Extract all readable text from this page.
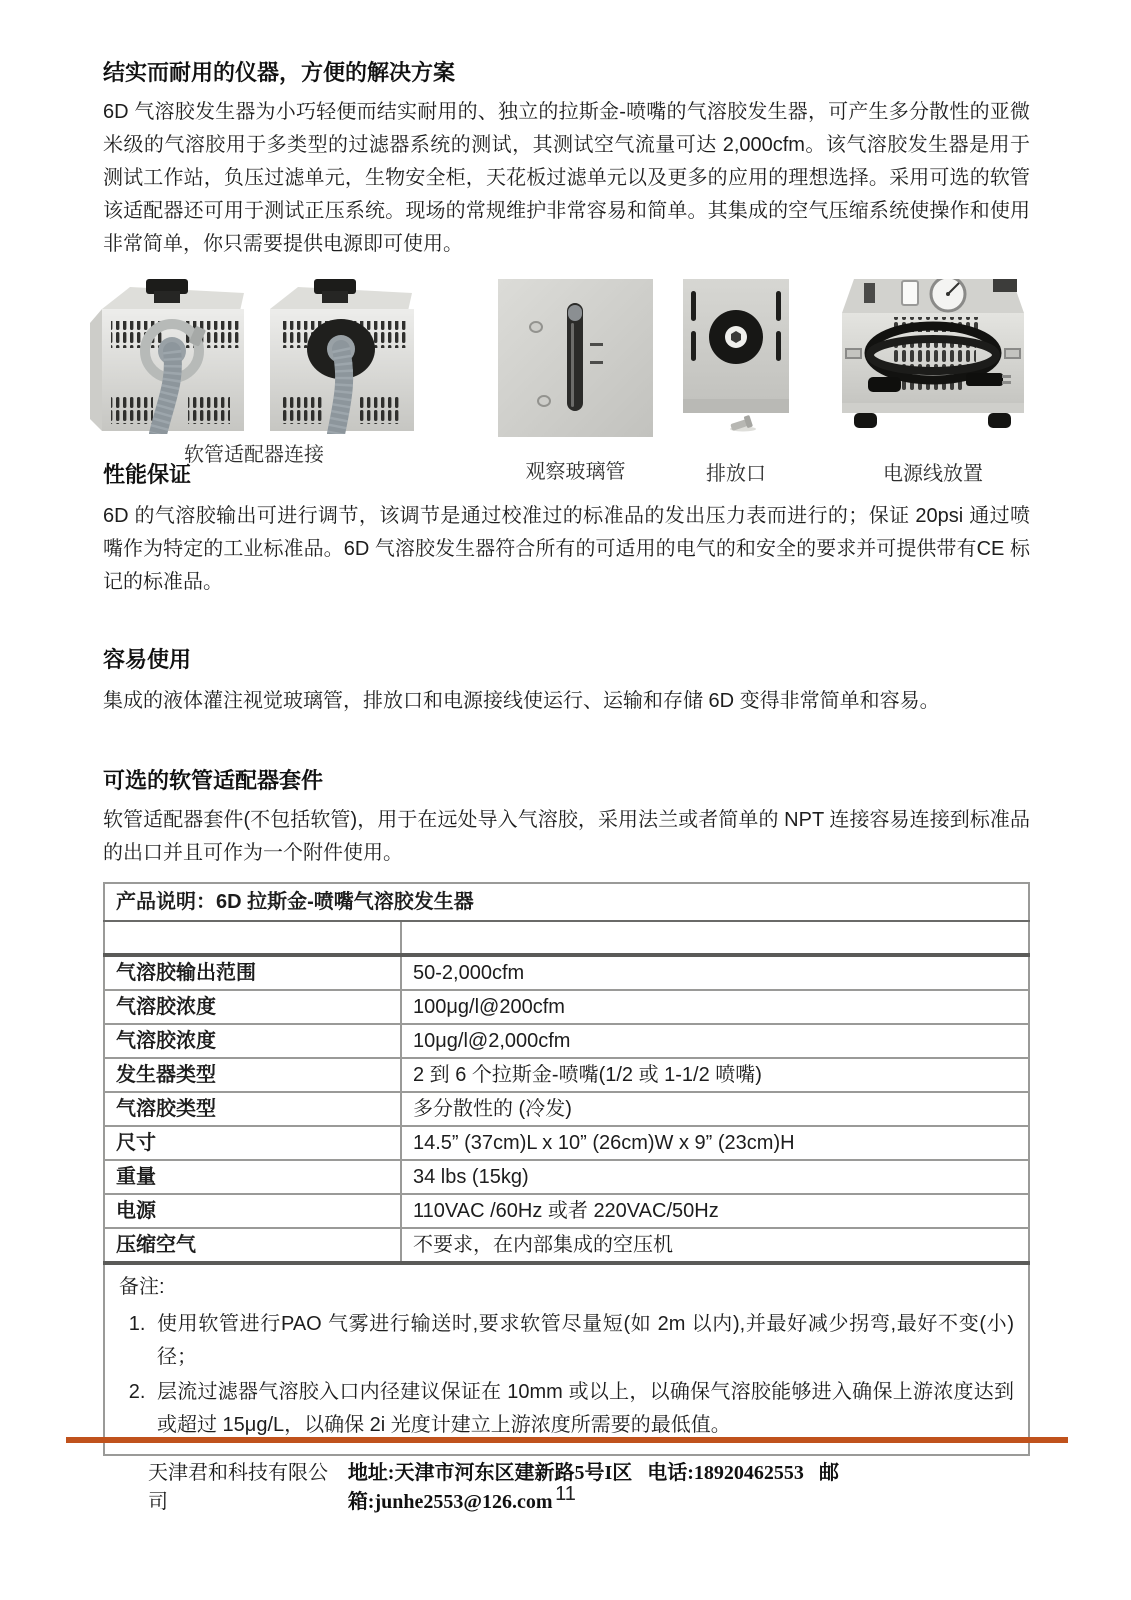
结实而耐用的仪器，方便的解决方案

6D 气溶胶发生器为小巧轻便而结实耐用的、独立的拉斯金-喷嘴的气溶胶发生器，可产生多分散性的亚微米级的气溶胶用于多类型的过滤器系统的测试，其测试空气流量可达 2,000cfm。该气溶胶发生器是用于测试工作站，负压过滤单元，生物安全柜，天花板过滤单元以及更多的应用的理想选择。采用可选的软管该适配器还可用于测试正压系统。现场的常规维护非常容易和简单。其集成的空气压缩系统使操作和使用非常简单，你只需要提供电源即可使用。

软管适配器连接
观察玻璃管	排放口	电源线放置
性能保证

6D 的气溶胶输出可进行调节，该调节是通过校准过的标准品的发出压力表而进行的；保证 20psi 通过喷嘴作为特定的工业标准品。6D 气溶胶发生器符合所有的可适用的电气的和安全的要求并可提供带有CE 标记的标准品。

容易使用

集成的液体灌注视觉玻璃管，排放口和电源接线使运行、运输和存储 6D 变得非常简单和容易。

可选的软管适配器套件

软管适配器套件(不包括软管)，用于在远处导入气溶胶，采用法兰或者简单的 NPT 连接容易连接到标准品的出口并且可作为一个附件使用。

产品说明：6D 拉斯金-喷嘴气溶胶发生器	

气溶胶输出范围	50-2,000cfm
气溶胶浓度	100μg/l@200cfm
气溶胶浓度	10μg/l@2,000cfm
发生器类型	2 到 6 个拉斯金-喷嘴(1/2 或 1-1/2 喷嘴)
气溶胶类型	多分散性的 (冷发)
尺寸	14.5” (37cm)L x 10” (26cm)W x 9” (23cm)H
重量	34 lbs (15kg)
电源	110VAC /60Hz 或者 220VAC/50Hz
压缩空气	不要求，在内部集成的空压机

备注:
1. 使用软管进行PAO 气雾进行输送时,要求软管尽量短(如 2m 以内),并最好减少拐弯,最好不变(小)径；
2. 层流过滤器气溶胶入口内径建议保证在 10mm 或以上，以确保气溶胶能够进入确保上游浓度达到或超过 15μg/L，以确保 2i 光度计建立上游浓度所需要的最低值。
天津君和科技有限公司
地址:天津市河东区建新路5号I区 电话:18920462553 邮箱:junhe2553@126.com 11
